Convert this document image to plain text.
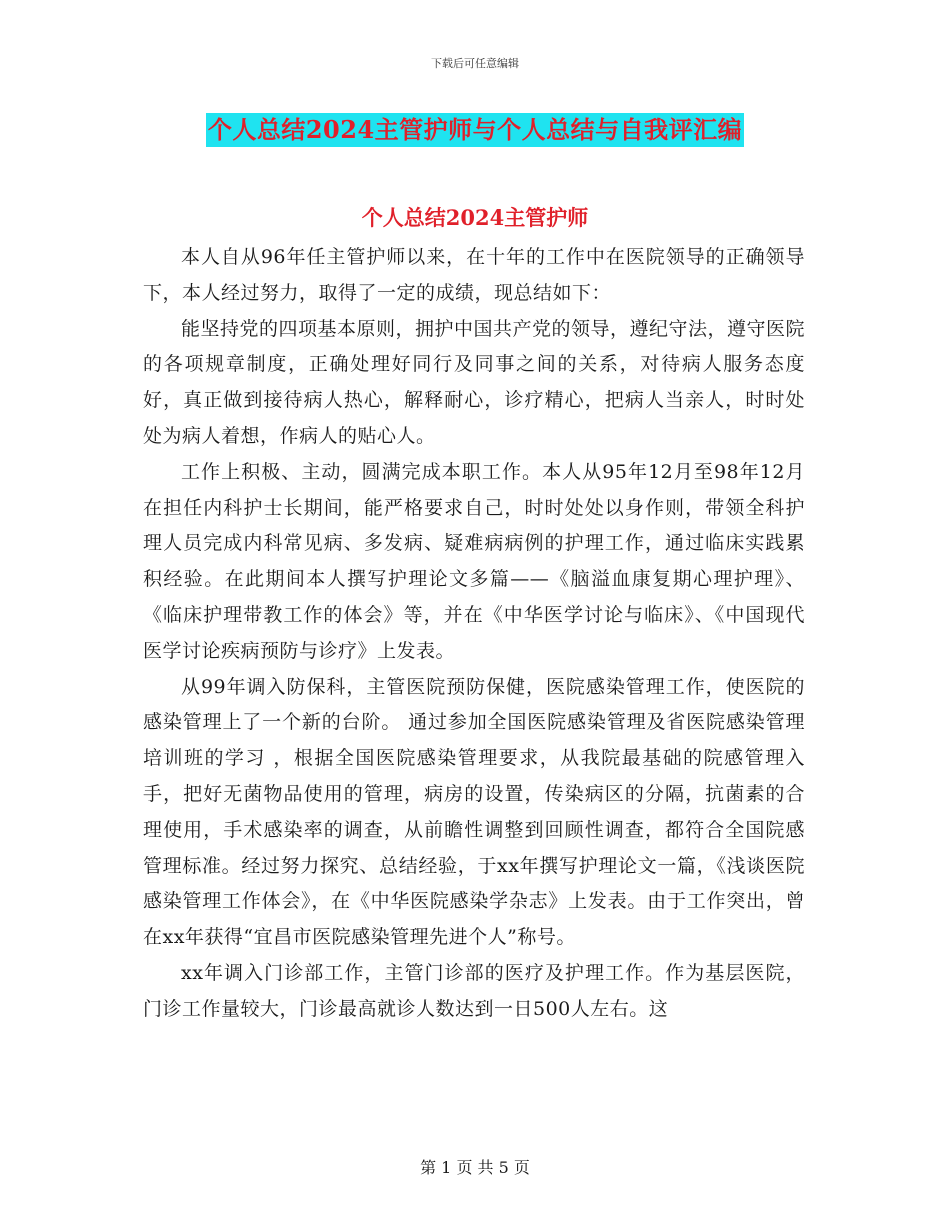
下载后可任意编辑
个人总结2024主管护师与个人总结与自我评汇编
个人总结2024主管护师

本人自从96年任主管护师以来，在十年的工作中在医院领导的正确领导下，本人经过努力，取得了一定的成绩，现总结如下：

能坚持党的四项基本原则，拥护中国共产党的领导，遵纪守法，遵守医院的各项规章制度，正确处理好同行及同事之间的关系，对待病人服务态度好，真正做到接待病人热心，解释耐心，诊疗精心，把病人当亲人，时时处处为病人着想，作病人的贴心人。

工作上积极、主动，圆满完成本职工作。本人从95年12月至98年12月在担任内科护士长期间，能严格要求自己，时时处处以身作则，带领全科护理人员完成内科常见病、多发病、疑难病病例的护理工作，通过临床实践累积经验。在此期间本人撰写护理论文多篇——《脑溢血康复期心理护理》、《临床护理带教工作的体会》等，并在《中华医学讨论与临床》、《中国现代医学讨论疾病预防与诊疗》上发表。

从99年调入防保科，主管医院预防保健，医院感染管理工作，使医院的感染管理上了一个新的台阶。 通过参加全国医院感染管理及省医院感染管理培训班的学习 ，根据全国医院感染管理要求，从我院最基础的院感管理入手，把好无菌物品使用的管理，病房的设置，传染病区的分隔，抗菌素的合理使用，手术感染率的调查，从前瞻性调整到回顾性调查，都符合全国院感管理标准。经过努力探究、总结经验，于xx年撰写护理论文一篇，《浅谈医院感染管理工作体会》，在《中华医院感染学杂志》上发表。由于工作突出，曾在xx年获得“宜昌市医院感染管理先进个人”称号。

xx年调入门诊部工作，主管门诊部的医疗及护理工作。作为基层医院，门诊工作量较大，门诊最高就诊人数达到一日500人左右。这

第 1 页 共 5 页
